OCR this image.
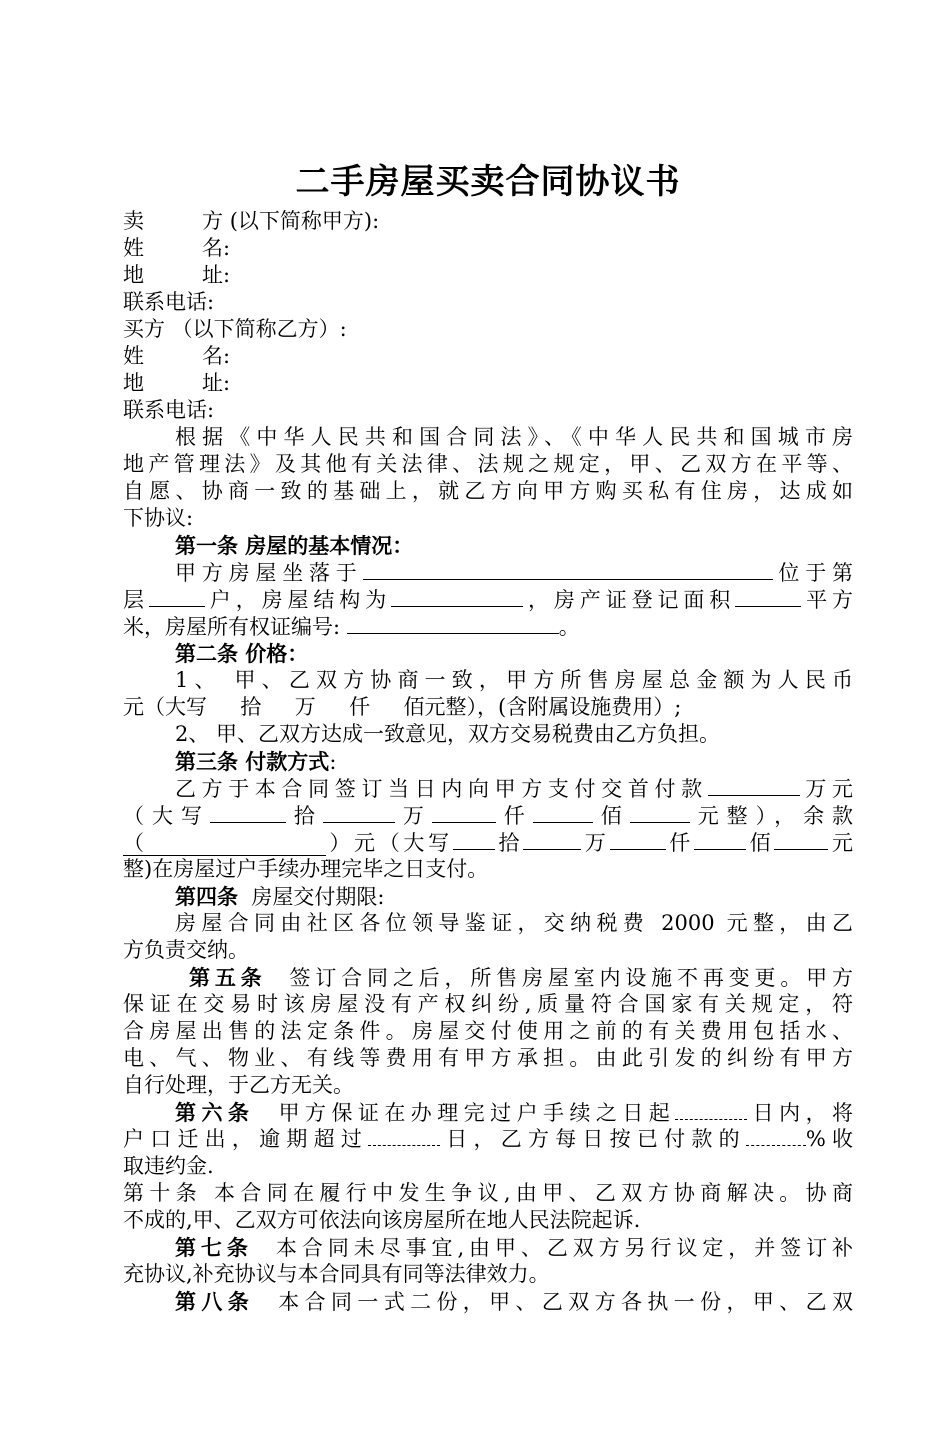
二手房屋买卖合同协议书
卖	方 (以下简称甲方):
姓	名:
地	址:
联系电话:
买方 （以下简称乙方）:
姓	名:
地	址:
联系电话:
根据《中华人民共和国合同法》、《中华人民共和国城市房
地产管理法》及其他有关法律、法规之规定，甲、乙双方在平等、
自愿、协商一致的基础上，就乙方向甲方购买私有住房，达成如
下协议:
第一条 房屋的基本情况：
甲方房屋坐落于	位于第
层	户，房屋结构为	，房产证登记面积	平方
米，房屋所有权证编号:	。
第二条 价格：
1、 甲、乙双方协商一致，甲方所售房屋总金额为人民币
元（大写     拾     万     仟     佰元整），(含附属设施费用）;
2、 甲、乙双方达成一致意见，双方交易税费由乙方负担。
第三条 付款方式:
乙方于本合同签订当日内向甲方支付交首付款	万元
（大写	拾	万	仟	佰	元整），余款
（	）元（大写 拾	万	仟 佰	元
整)在房屋过户手续办理完毕之日支付。
第四条  房屋交付期限:
房屋合同由社区各位领导鉴证，交纳税费 2000 元整，由乙
方负责交纳。
第五条  签订合同之后，所售房屋室内设施不再变更。甲方
保证在交易时该房屋没有产权纠纷,质量符合国家有关规定，符
合房屋出售的法定条件。房屋交付使用之前的有关费用包括水、
电、气、物业、有线等费用有甲方承担。由此引发的纠纷有甲方
自行处理，于乙方无关。
第六条  甲方保证在办理完过户手续之日起	日内，将
户口迁出，逾期超过	日，乙方每日按已付款的	%收
取违约金.
第十条 本合同在履行中发生争议,由甲、乙双方协商解决。协商
不成的,甲、乙双方可依法向该房屋所在地人民法院起诉.
第七条  本合同未尽事宜,由甲、乙双方另行议定，并签订补
充协议,补充协议与本合同具有同等法律效力。
第八条  本合同一式二份，甲、乙双方各执一份，甲、乙双
